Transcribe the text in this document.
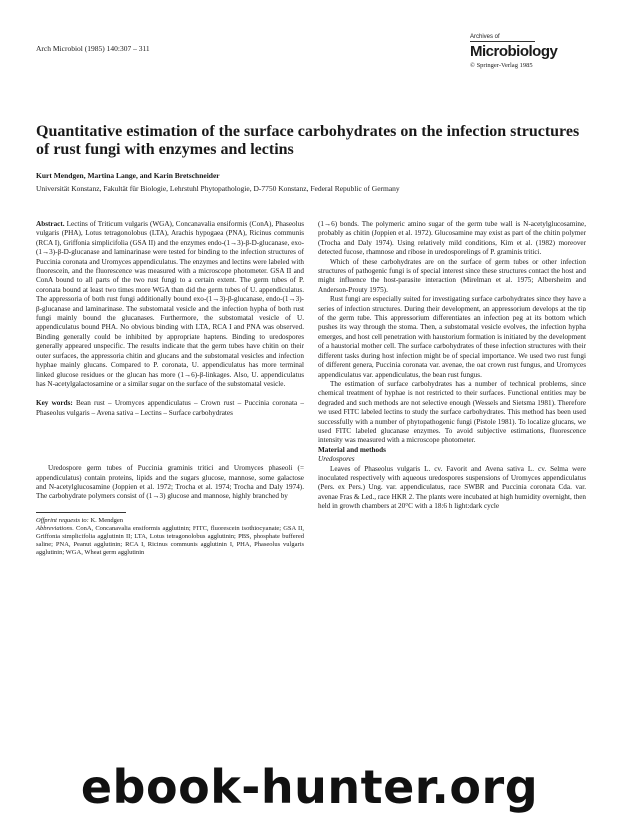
Arch Microbiol (1985) 140:307 – 311
Archives of
Microbiology
© Springer-Verlag 1985
Quantitative estimation of the surface carbohydrates on the infection structures of rust fungi with enzymes and lectins
Kurt Mendgen, Martina Lange, and Karin Bretschneider
Universität Konstanz, Fakultät für Biologie, Lehrstuhl Phytopathologie, D-7750 Konstanz, Federal Republic of Germany

Abstract. Lectins of Triticum vulgaris (WGA), Concanavalia ensiformis (ConA), Phaseolus vulgaris (PHA), Lotus tetragonolobus (LTA), Arachis hypogaea (PNA), Ricinus communis (RCA I), Griffonia simplicifolia (GSA II) and the enzymes endo-(1→3)-β-D-glucanase, exo-(1→3)-β-D-glucanase and laminarinase were tested for binding to the infection structures of Puccinia coronata and Uromyces appendiculatus. The enzymes and lectins were labeled with fluorescein, and the fluorescence was measured with a microscope photometer. GSA II and ConA bound to all parts of the two rust fungi to a certain extent. The germ tubes of P. coronata bound at least two times more WGA than did the germ tubes of U. appendiculatus. The appressoria of both rust fungi additionally bound exo-(1→3)-β-glucanase, endo-(1→3)-β-glucanase and laminarinase. The substomatal vesicle and the infection hypha of both rust fungi mainly bound the glucanases. Furthermore, the substomatal vesicle of U. appendiculatus bound PHA. No obvious binding with LTA, RCA I and PNA was observed. Binding generally could be inhibited by appropriate haptens. Binding to uredospores generally appeared unspecific. The results indicate that the germ tubes have chitin on their outer surfaces, the appressoria chitin and glucans and the substomatal vesicles and infection hyphae mainly glucans. Compared to P. coronata, U. appendiculatus has more terminal linked glucose residues or the glucan has more (1→6)-β-linkages. Also, U. appendiculatus has N-acetylgalactosamine or a similar sugar on the surface of the substomatal vesicle.

Key words: Bean rust – Uromyces appendiculatus – Crown rust – Puccinia coronata – Phaseolus vulgaris – Avena sativa – Lectins – Surface carbohydrates

Uredospore germ tubes of Puccinia graminis tritici and Uromyces phaseoli (= appendiculatus) contain proteins, lipids and the sugars glucose, mannose, some galactose and N-acetylglucosamine (Joppien et al. 1972; Trocha et al. 1974; Trocha and Daly 1974). The carbohydrate polymers consist of (1→3) glucose and mannose, highly branched by

Offprint requests to: K. Mendgen

Abbreviations. ConA, Concanavalia ensiformis agglutinin; FITC, fluorescein isothiocyanate; GSA II, Griffonia simplicifolia agglutinin II; LTA, Lotus tetragonolobus agglutinin; PBS, phosphate buffered saline; PNA, Peanut agglutinin; RCA I, Ricinus communis agglutinin I, PHA, Phaseolus vulgaris agglutinin; WGA, Wheat germ agglutinin

(1→6) bonds. The polymeric amino sugar of the germ tube wall is N-acetylglucosamine, probably as chitin (Joppien et al. 1972). Glucosamine may exist as part of the chitin polymer (Trocha and Daly 1974). Using relatively mild conditions, Kim et al. (1982) moreover detected fucose, rhamnose and ribose in uredosporelings of P. graminis tritici.

Which of these carbohydrates are on the surface of germ tubes or other infection structures of pathogenic fungi is of special interest since these structures contact the host and might influence the host-parasite interaction (Mirelman et al. 1975; Albersheim and Anderson-Prouty 1975).

Rust fungi are especially suited for investigating surface carbohydrates since they have a series of infection structures. During their development, an appressorium develops at the tip of the germ tube. This appressorium differentiates an infection peg at its bottom which pushes its way through the stoma. Then, a substomatal vesicle evolves, the infection hypha emerges, and host cell penetration with haustorium formation is initiated by the development of a haustorial mother cell. The surface carbohydrates of these infection structures with their different tasks during host infection might be of special importance. We used two rust fungi of different genera, Puccinia coronata var. avenae, the oat crown rust fungus, and Uromyces appendiculatus var. appendiculatus, the bean rust fungus.

The estimation of surface carbohydrates has a number of technical problems, since chemical treatment of hyphae is not restricted to their surfaces. Functional entities may be degraded and such methods are not selective enough (Wessels and Sietsma 1981). Therefore we used FITC labeled lectins to study the surface carbohydrates. This method has been used successfully with a number of phytopathogenic fungi (Pistole 1981). To localize glucans, we used FITC labeled glucanase enzymes. To avoid subjective estimations, fluorescence intensity was measured with a microscope photometer.

Material and methods

Uredospores

Leaves of Phaseolus vulgaris L. cv. Favorit and Avena sativa L. cv. Selma were inoculated respectively with aqueous uredospores suspensions of Uromyces appendiculatus (Pers. ex Pers.) Ung. var. appendiculatus, race SWBR and Puccinia coronata Cda. var. avenae Fras & Led., race HKR 2. The plants were incubated at high humidity overnight, then held in growth chambers at 20°C with a 18:6 h light:dark cycle

ebook-hunter.org
